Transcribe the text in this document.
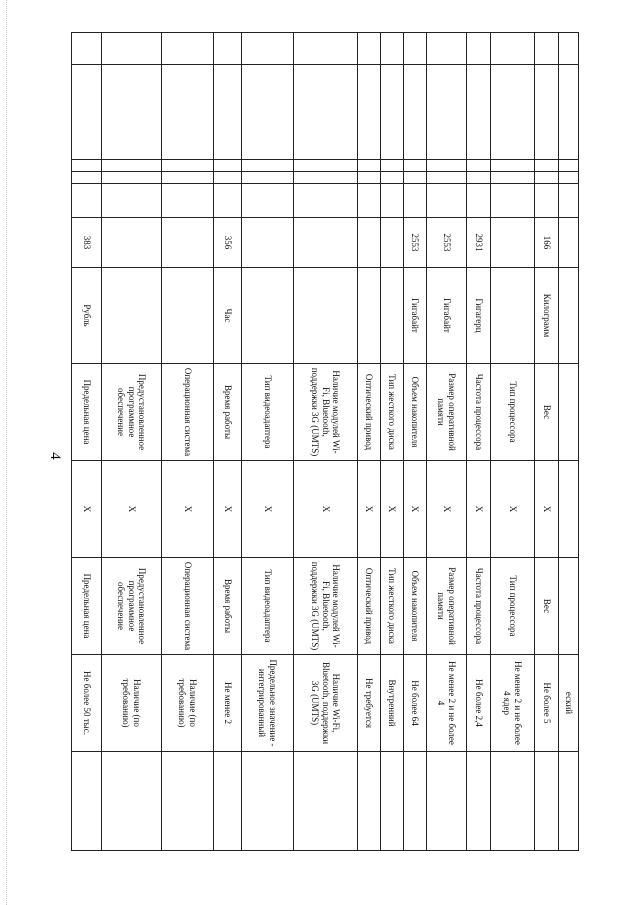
4
										еский	
					166	Килограмм	Вес	Х	Вес	Не более 5	
							Тип процессора	Х	Тип процессора	Не менее 2 и не более 4 ядер	
					2931	Гигагерц	Частота процессора	Х	Частота процессора	Не более 2,4	
					2553	Гигабайт	Размер оперативной памяти	Х	Размер оперативной памяти	Не менее 2 и не более 4	
					2553	Гигабайт	Объем накопителя	Х	Объем накопителя	Не более 64	
							Тип жесткого диска	Х	Тип жесткого диска	Внутренний	
							Оптический привод	Х	Оптический привод	Не требуется	
							Наличие модулей Wi-Fi, Bluetooth, поддержки 3G (UMTS)	Х	Наличие модулей Wi-Fi, Bluetooth, поддержки 3G (UMTS)	Наличие Wi-Fi, Bluetooth, поддержки 3G (UMTS)	
							Тип видеоадаптера	Х	Тип видеоадаптера	Предельное значение - интегрированный	
					356	Час	Время работы	Х	Время работы	Не менее 2	
							Операционная система	Х	Операционная система	Наличие (по требованию)	
							Предустановленное программное обеспечение	Х	Предустановленное программное обеспечение	Наличие (по требованию)	
					383	Рубль	Предельная цена	Х	Предельная цена	Не более 50 тыс.	
